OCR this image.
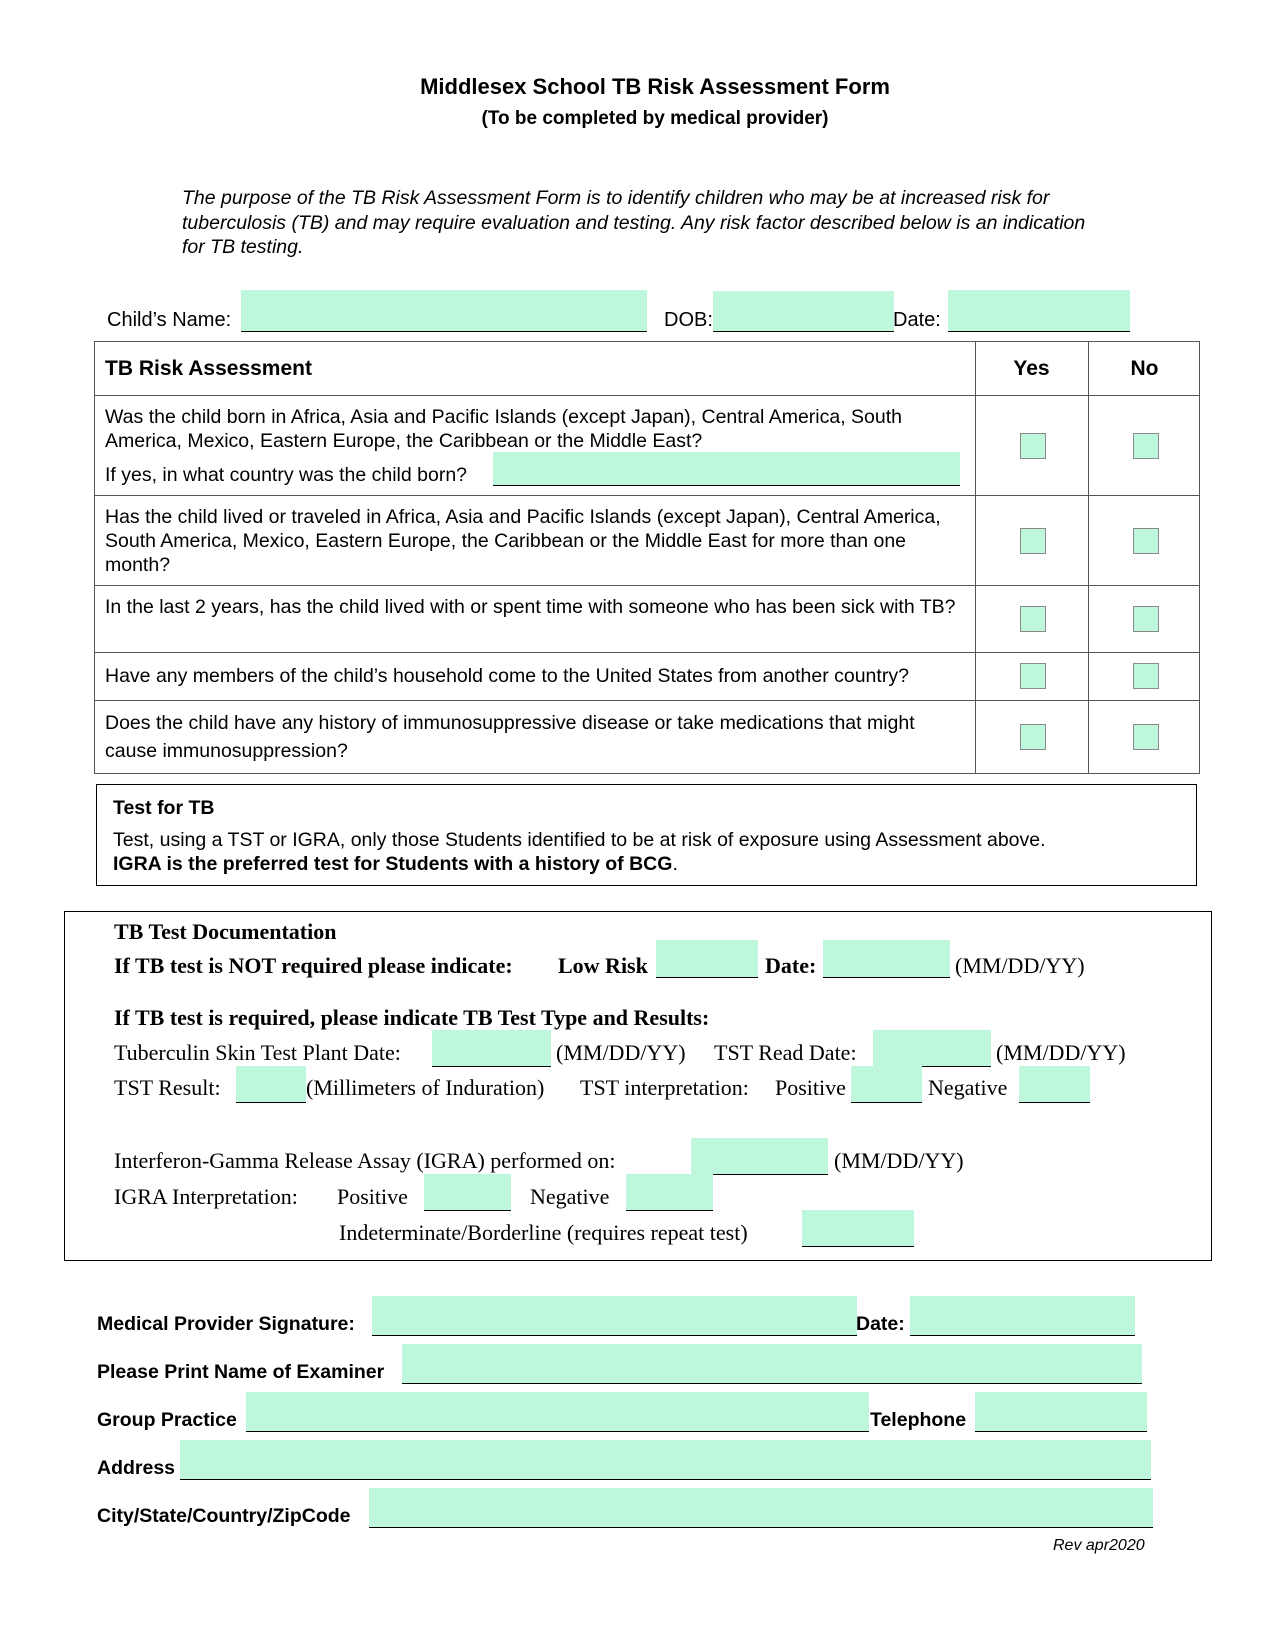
Middlesex School TB Risk Assessment Form
(To be completed by medical provider)
The purpose of the TB Risk Assessment Form is to identify children who may be at increased risk for tuberculosis (TB) and may require evaluation and testing. Any risk factor described below is an indication for TB testing.
Child’s Name:	DOB:	Date:
TB Risk Assessment	Yes	No
Was the child born in Africa, Asia and Pacific Islands (except Japan), Central America, South America, Mexico, Eastern Europe, the Caribbean or the Middle East?
If yes, in what country was the child born?
Has the child lived or traveled in Africa, Asia and Pacific Islands (except Japan), Central America, South America, Mexico, Eastern Europe, the Caribbean or the Middle East for more than one month?
In the last 2 years, has the child lived with or spent time with someone who has been sick with TB?
Have any members of the child’s household come to the United States from another country?
Does the child have any history of immunosuppressive disease or take medications that might cause immunosuppression?
Test for TB
Test, using a TST or IGRA, only those Students identified to be at risk of exposure using Assessment above.
IGRA is the preferred test for Students with a history of BCG.
TB Test Documentation
If TB test is NOT required please indicate: Low Risk	Date:	(MM/DD/YY)
If TB test is required, please indicate TB Test Type and Results:
Tuberculin Skin Test Plant Date:	(MM/DD/YY) TST Read Date:	(MM/DD/YY)
TST Result:	(Millimeters of Induration) TST interpretation: Positive	Negative
Interferon-Gamma Release Assay (IGRA) performed on:	(MM/DD/YY)
IGRA Interpretation: Positive	Negative
Indeterminate/Borderline (requires repeat test)
Medical Provider Signature:	Date:
Please Print Name of Examiner
Group Practice	Telephone
Address
City/State/Country/ZipCode
Rev apr2020
